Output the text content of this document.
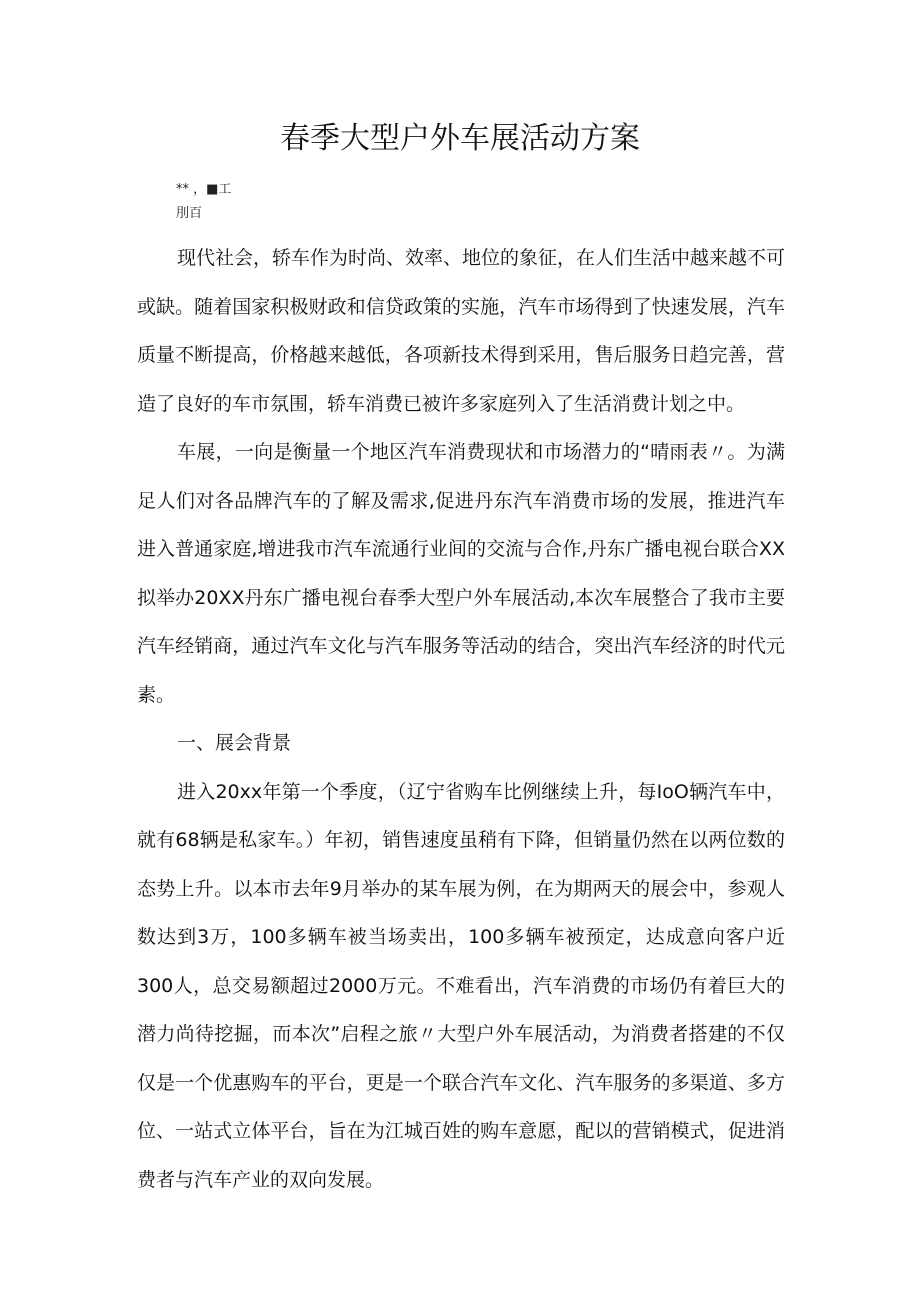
春季大型户外车展活动方案
** ，■工
刖百

现代社会，轿车作为时尚、效率、地位的象征，在人们生活中越来越不可或缺。随着国家积极财政和信贷政策的实施，汽车市场得到了快速发展，汽车质量不断提高，价格越来越低，各项新技术得到采用，售后服务日趋完善，营造了良好的车市氛围，轿车消费已被许多家庭列入了生活消费计划之中。

车展，一向是衡量一个地区汽车消费现状和市场潜力的“晴雨表〃。为满足人们对各品牌汽车的了解及需求,促进丹东汽车消费市场的发展，推进汽车进入普通家庭,增进我市汽车流通行业间的交流与合作,丹东广播电视台联合XX拟举办20XX丹东广播电视台春季大型户外车展活动,本次车展整合了我市主要汽车经销商，通过汽车文化与汽车服务等活动的结合，突出汽车经济的时代元素。

一、展会背景

进入20xx年第一个季度，（辽宁省购车比例继续上升，每IoO辆汽车中，就有68辆是私家车。）年初，销售速度虽稍有下降，但销量仍然在以两位数的态势上升。以本市去年9月举办的某车展为例，在为期两天的展会中，参观人数达到3万，100多辆车被当场卖出，100多辆车被预定，达成意向客户近300人，总交易额超过2000万元。不难看出，汽车消费的市场仍有着巨大的潜力尚待挖掘，而本次”启程之旅〃大型户外车展活动，为消费者搭建的不仅仅是一个优惠购车的平台，更是一个联合汽车文化、汽车服务的多渠道、多方位、一站式立体平台，旨在为江城百姓的购车意愿，配以的营销模式，促进消费者与汽车产业的双向发展。
